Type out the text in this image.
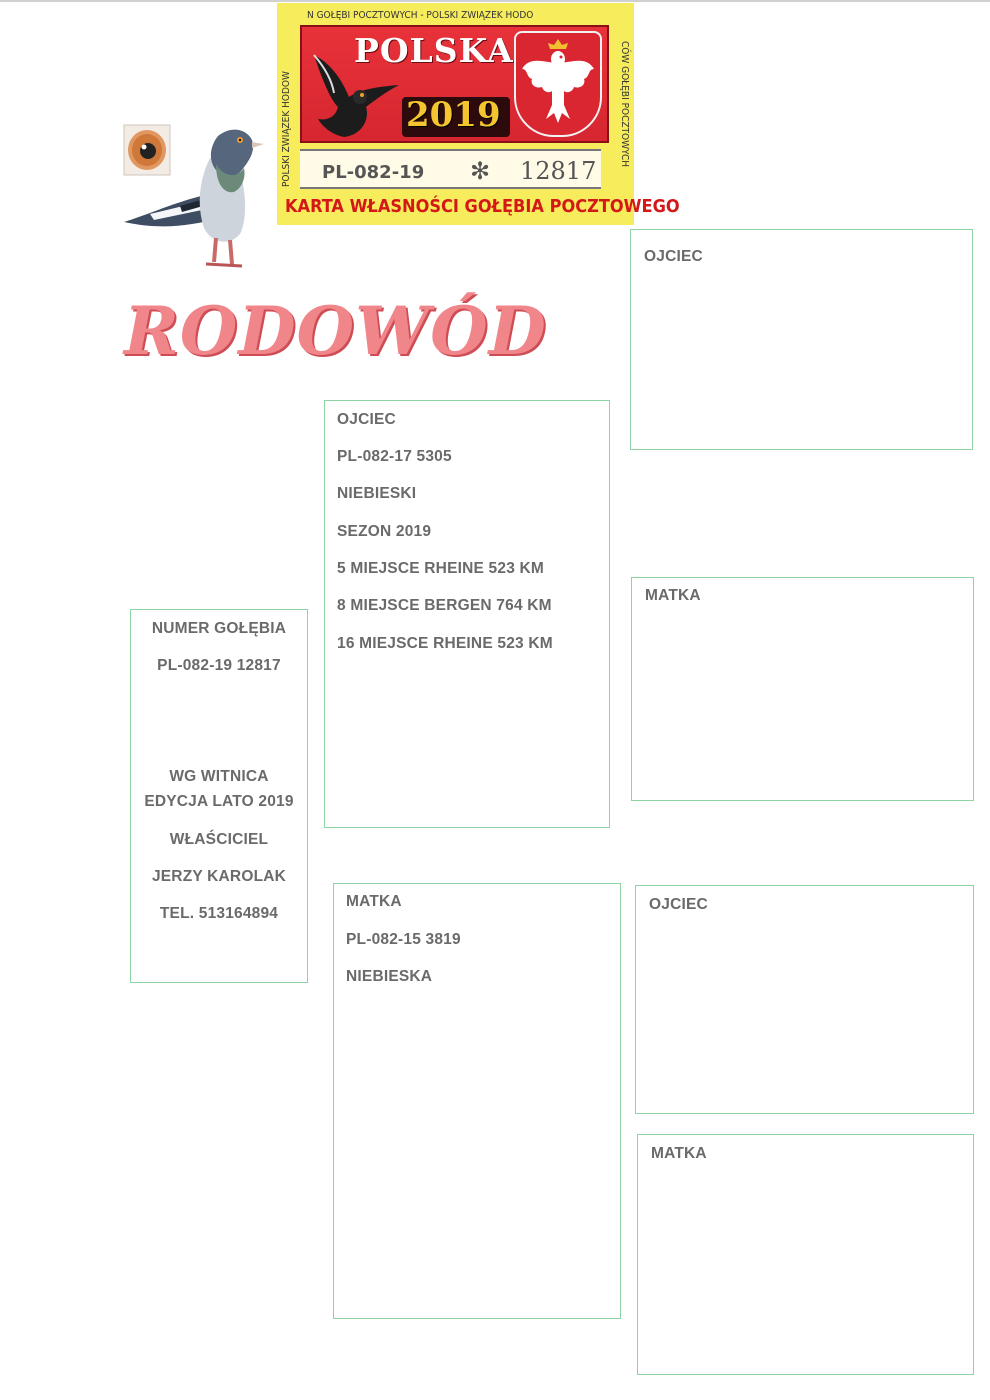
N GOŁĘBI POCZTOWYCH - POLSKI ZWIĄZEK HODO
POLSKI ZWIĄZEK HODOW	CÓW GOŁĘBI POCZTOWYCH
POLSKA
2019
PL-082-19 ✻ 12817
KARTA WŁASNOŚCI GOŁĘBIA POCZTOWEGO
RODOWÓD
NUMER GOŁĘBIA
PL-082-19 12817
WG WITNICA
EDYCJA LATO 2019
WŁAŚCICIEL
JERZY KAROLAK
TEL. 513164894
OJCIEC
PL-082-17 5305
NIEBIESKI
SEZON 2019
5 MIEJSCE RHEINE 523 KM
8 MIEJSCE BERGEN 764 KM
16 MIEJSCE RHEINE 523 KM
MATKA
PL-082-15 3819
NIEBIESKA
OJCIEC
MATKA
OJCIEC
MATKA
